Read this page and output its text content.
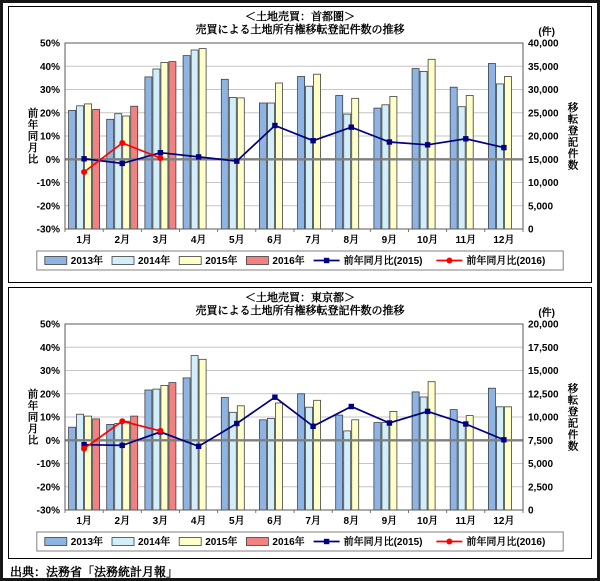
＜土地売買：首都圏＞
売買による土地所有権移転登記件数の推移	(件)
-30%
-20%
-10%
0%
10%
20%
30%
40%
50%
0
5,000
10,000
15,000
20,000
25,000
30,000
35,000
40,000
前
年
同
月
比
移
転
登
記
件
数
1月 2月 3月 4月 5月 6月 7月 8月 9月 10月 11月 12月
2013年	2014年	2015年	2016年	前年同月比(2015)	前年同月比(2016)
＜土地売買：東京都＞
売買による土地所有権移転登記件数の推移	(件)
-30%
-20%
-10%
0%
10%
20%
30%
40%
50%
0
2,500
5,000
7,500
10,000
12,500
15,000
17,500
20,000
前
年
同
月
比
移
転
登
記
件
数
1月 2月 3月 4月 5月 6月 7月 8月 9月 10月 11月 12月
2013年	2014年	2015年	2016年	前年同月比(2015)	前年同月比(2016)
出典：法務省「法務統計月報」
